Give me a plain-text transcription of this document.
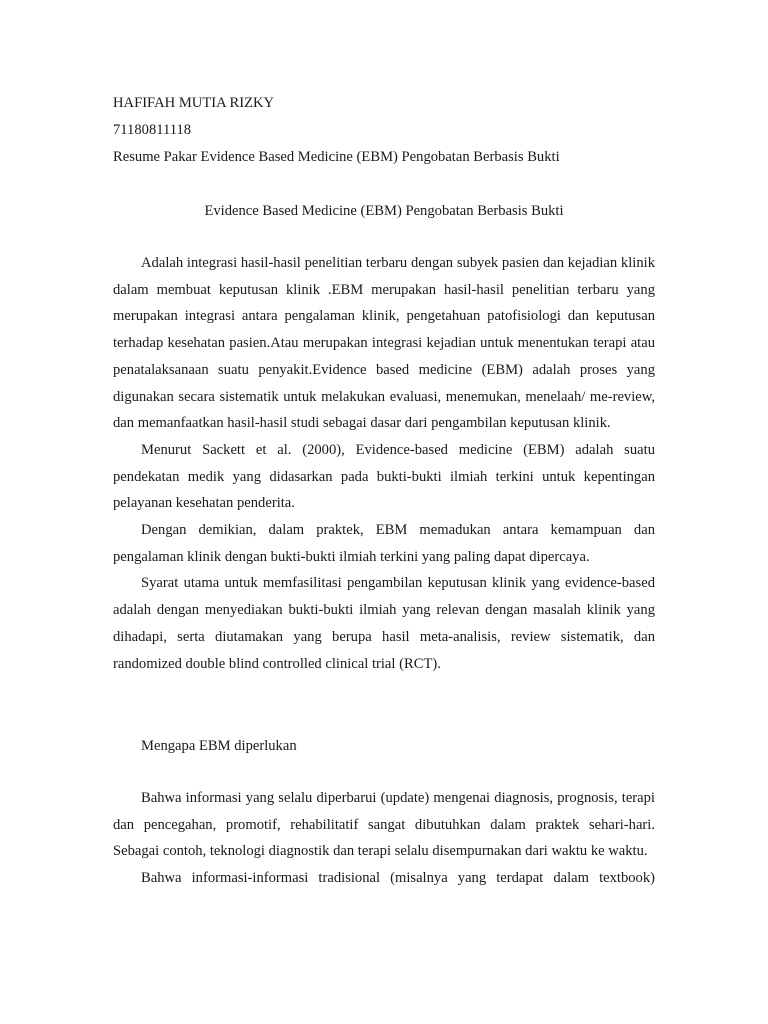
HAFIFAH MUTIA RIZKY
71180811118
Resume Pakar Evidence Based Medicine (EBM) Pengobatan Berbasis Bukti
Evidence Based Medicine (EBM) Pengobatan Berbasis Bukti

Adalah integrasi hasil-hasil penelitian terbaru dengan subyek pasien dan kejadian klinik dalam membuat keputusan klinik .EBM merupakan hasil-hasil penelitian terbaru yang merupakan integrasi antara pengalaman klinik, pengetahuan patofisiologi dan keputusan terhadap kesehatan pasien.Atau merupakan integrasi kejadian untuk menentukan terapi atau penatalaksanaan suatu penyakit.Evidence based medicine (EBM) adalah proses yang digunakan secara sistematik untuk melakukan evaluasi, menemukan, menelaah/ me-review, dan memanfaatkan hasil-hasil studi sebagai dasar dari pengambilan keputusan klinik.

Menurut Sackett et al. (2000), Evidence-based medicine (EBM) adalah suatu pendekatan medik yang didasarkan pada bukti-bukti ilmiah terkini untuk kepentingan pelayanan kesehatan penderita.

Dengan demikian, dalam praktek, EBM memadukan antara kemampuan dan pengalaman klinik dengan bukti-bukti ilmiah terkini yang paling dapat dipercaya.

Syarat utama untuk memfasilitasi pengambilan keputusan klinik yang evidence-based adalah dengan menyediakan bukti-bukti ilmiah yang relevan dengan masalah klinik yang dihadapi, serta diutamakan yang berupa hasil meta-analisis, review sistematik, dan randomized double blind controlled clinical trial (RCT).

Mengapa EBM diperlukan

Bahwa informasi yang selalu diperbarui (update) mengenai diagnosis, prognosis, terapi dan pencegahan, promotif, rehabilitatif sangat dibutuhkan dalam praktek sehari-hari. Sebagai contoh, teknologi diagnostik dan terapi selalu disempurnakan dari waktu ke waktu.

Bahwa informasi-informasi tradisional (misalnya yang terdapat dalam textbook)
